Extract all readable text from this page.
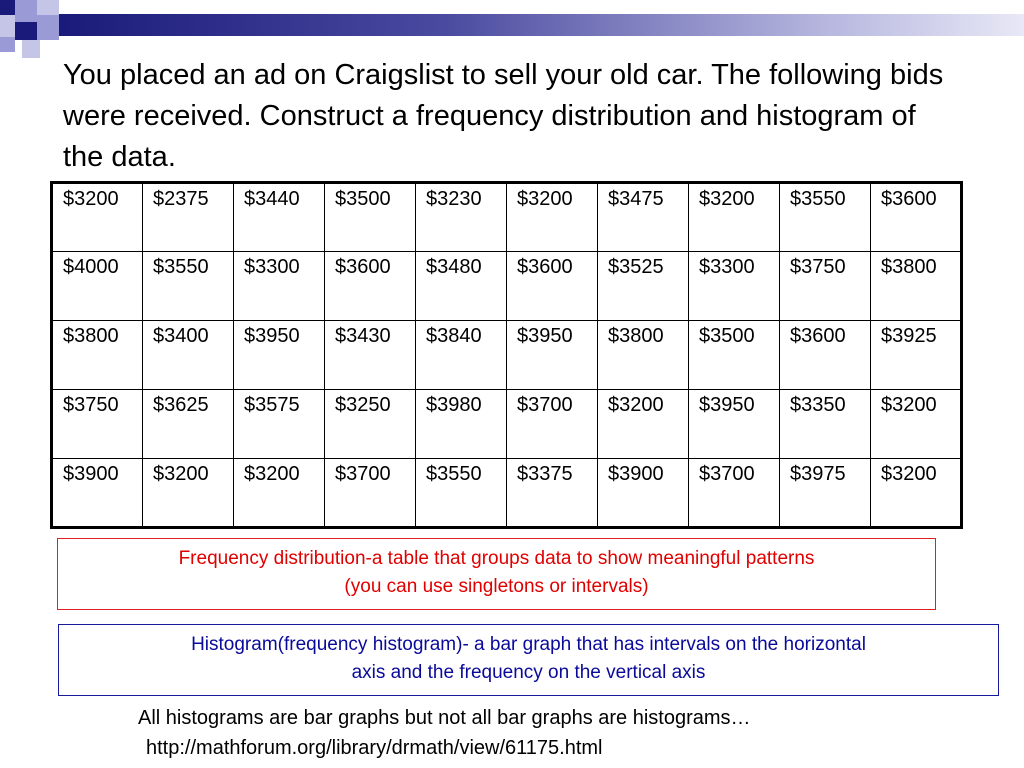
You placed an ad on Craigslist to sell your old car. The following bids were received. Construct a frequency distribution and histogram of the data.

$3200	$2375	$3440	$3500	$3230	$3200	$3475	$3200	$3550	$3600
$4000	$3550	$3300	$3600	$3480	$3600	$3525	$3300	$3750	$3800
$3800	$3400	$3950	$3430	$3840	$3950	$3800	$3500	$3600	$3925
$3750	$3625	$3575	$3250	$3980	$3700	$3200	$3950	$3350	$3200
$3900	$3200	$3200	$3700	$3550	$3375	$3900	$3700	$3975	$3200
Frequency distribution-a table that groups data to show meaningful patterns
(you can use singletons or intervals)
Histogram(frequency histogram)- a bar graph that has intervals on the horizontal
axis and the frequency on the vertical axis
All histograms are bar graphs but not all bar graphs are histograms…
http://mathforum.org/library/drmath/view/61175.html
